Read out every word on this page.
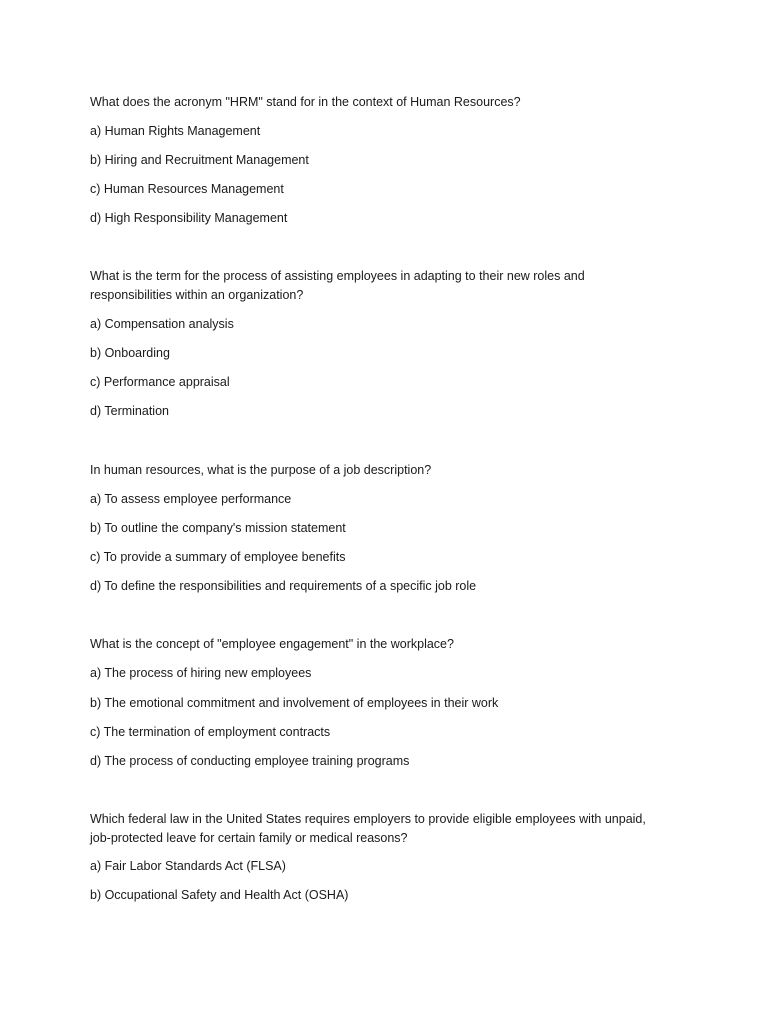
What does the acronym "HRM" stand for in the context of Human Resources?

a) Human Rights Management

b) Hiring and Recruitment Management

c) Human Resources Management

d) High Responsibility Management

What is the term for the process of assisting employees in adapting to their new roles and responsibilities within an organization?

a) Compensation analysis

b) Onboarding

c) Performance appraisal

d) Termination

In human resources, what is the purpose of a job description?

a) To assess employee performance

b) To outline the company's mission statement

c) To provide a summary of employee benefits

d) To define the responsibilities and requirements of a specific job role

What is the concept of "employee engagement" in the workplace?

a) The process of hiring new employees

b) The emotional commitment and involvement of employees in their work

c) The termination of employment contracts

d) The process of conducting employee training programs

Which federal law in the United States requires employers to provide eligible employees with unpaid, job-protected leave for certain family or medical reasons?

a) Fair Labor Standards Act (FLSA)

b) Occupational Safety and Health Act (OSHA)
